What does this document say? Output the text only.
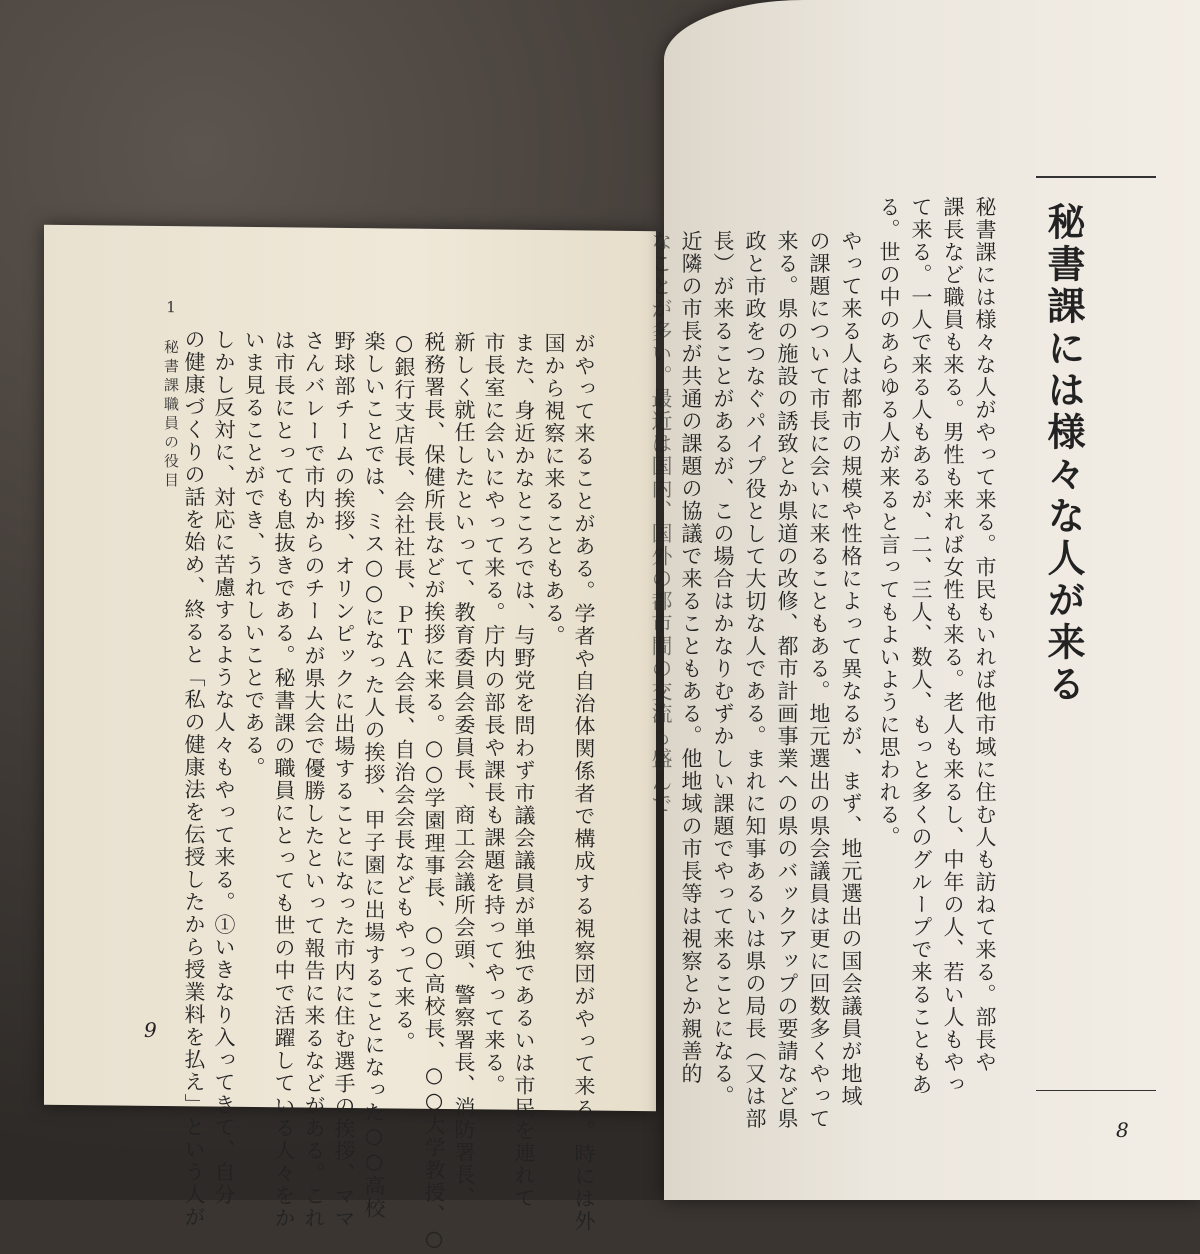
1　秘書課職員の役目	がやって来ることがある。学者や自治体関係者で構成する視察団がやって来る。時には外
国から視察に来ることもある。
また、身近かなところでは、与野党を問わず市議会議員が単独であるいは市民を連れて
市長室に会いにやって来る。庁内の部長や課長も課題を持ってやって来る。
新しく就任したといって、教育委員会委員長、商工会議所会頭、警察署長、消防署長、
税務署長、保健所長などが挨拶に来る。○○学園理事長、○○高校長、○○大学教授、○
○銀行支店長、会社社長、ＰＴＡ会長、自治会会長などもやって来る。
楽しいことでは、ミス○○になった人の挨拶、甲子園に出場することになった○○高校
野球部チームの挨拶、オリンピックに出場することになった市内に住む選手の挨拶、ママ
さんバレーで市内からのチームが県大会で優勝したといって報告に来るなどがある。これ
は市長にとっても息抜きである。秘書課の職員にとっても世の中で活躍している人々をか
いま見ることができ、うれしいことである。
しかし反対に、対応に苦慮するような人々もやって来る。①いきなり入ってきて、自分
の健康づくりの話を始め、終ると「私の健康法を伝授したから授業料を払え」という人が
9
秘書課には様々な人が来る
秘書課には様々な人がやって来る。市民もいれば他市域に住む人も訪ねて来る。部長や
課長など職員も来る。男性も来れば女性も来る。老人も来るし、中年の人、若い人もやっ
て来る。一人で来る人もあるが、二、三人、数人、もっと多くのグループで来ることもあ
る。世の中のあらゆる人が来ると言ってもよいように思われる。
やって来る人は都市の規模や性格によって異なるが、まず、地元選出の国会議員が地域
の課題について市長に会いに来ることもある。地元選出の県会議員は更に回数多くやって
来る。県の施設の誘致とか県道の改修、都市計画事業への県のバックアップの要請など県
政と市政をつなぐパイプ役として大切な人である。まれに知事あるいは県の局長（又は部
長）が来ることがあるが、この場合はかなりむずかしい課題でやって来ることになる。
近隣の市長が共通の課題の協議で来ることもある。他地域の市長等は視察とか親善的
なことが多い。最近は国内、国外の都市間の交流も盛んで
8
